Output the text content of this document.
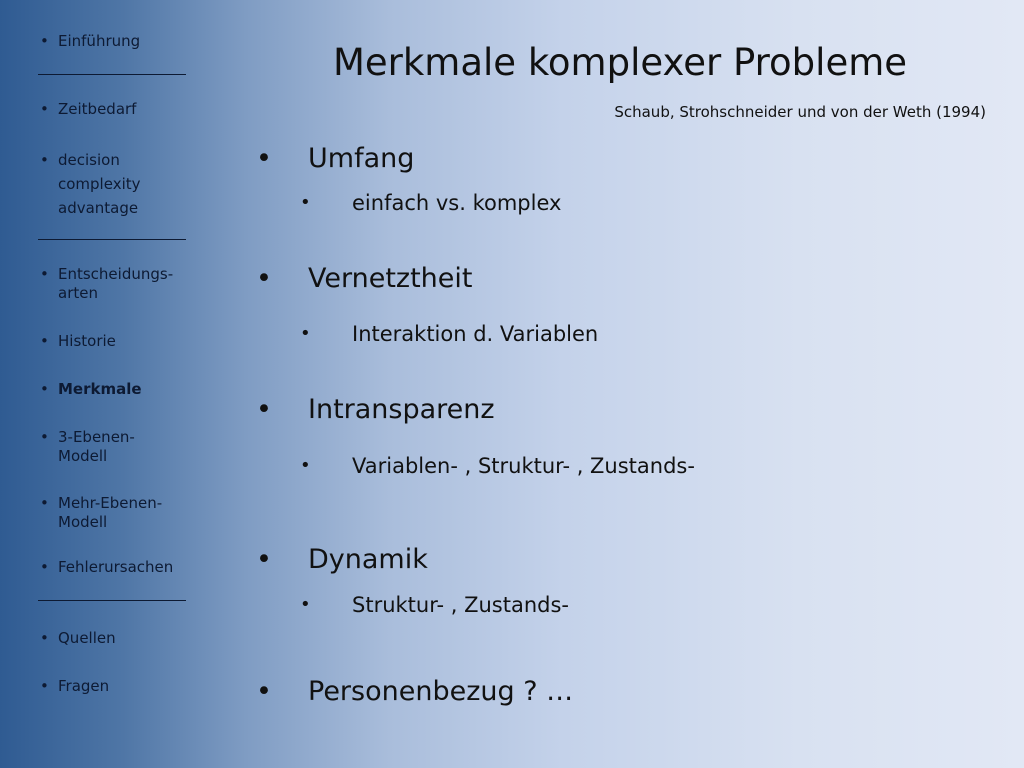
• Einführung
• Zeitbedarf
• decision complexity advantage
• Entscheidungs-arten
• Historie
• Merkmale
• 3-Ebenen-Modell
• Mehr-Ebenen-Modell
• Fehlerursachen
• Quellen
• Fragen
Merkmale komplexer Probleme
Schaub, Strohschneider und von der Weth (1994)
• Umfang
• einfach vs. komplex
• Vernetztheit
• Interaktion d. Variablen
• Intransparenz
• Variablen- , Struktur- , Zustands-
• Dynamik
• Struktur- , Zustands-
• Personenbezug ? …
